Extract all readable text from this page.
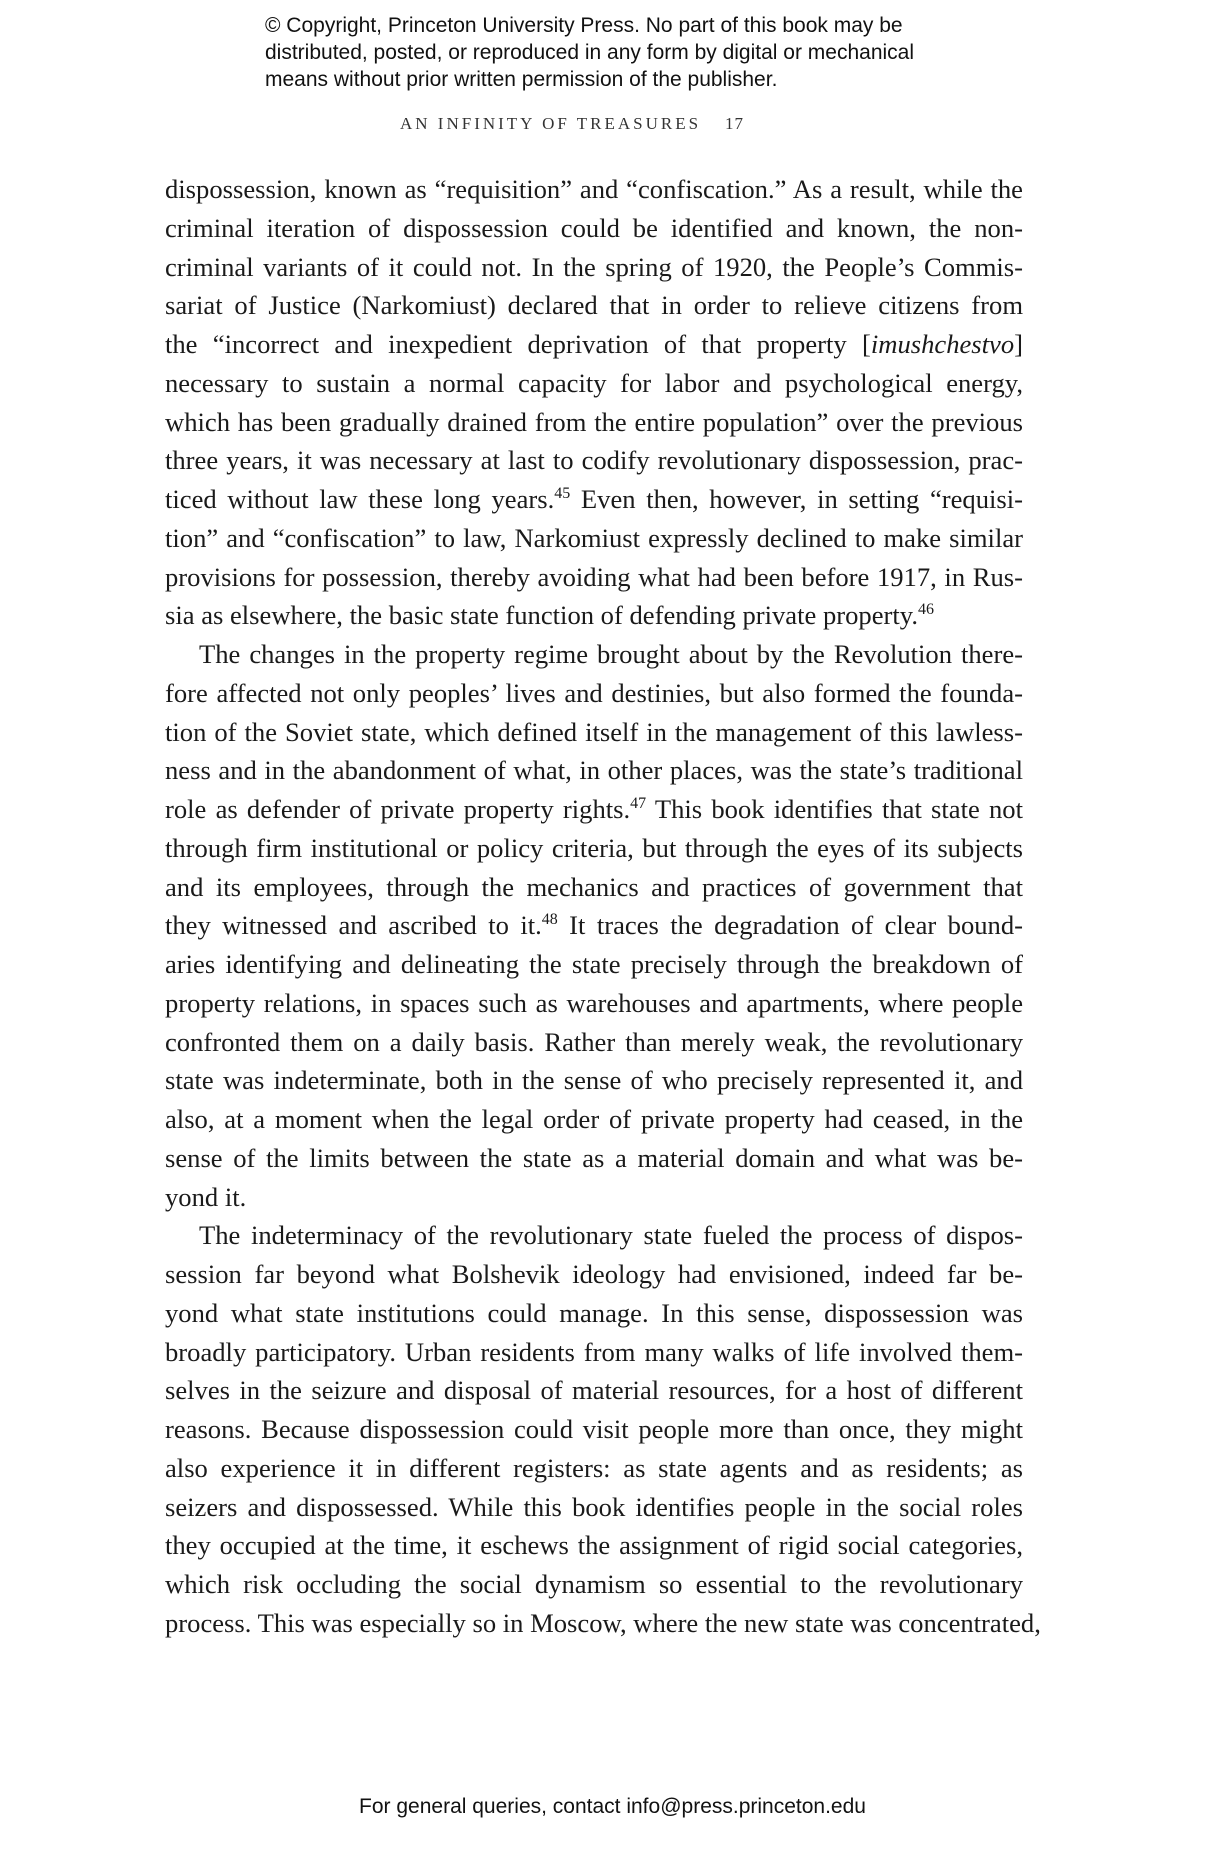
© Copyright, Princeton University Press. No part of this book may be
distributed, posted, or reproduced in any form by digital or mechanical
means without prior written permission of the publisher.
AN INFINITY OF TREASURES 17
dispossession, known as “requisition” and “confiscation.” As a result, while the
criminal iteration of dispossession could be identified and known, the non-
criminal variants of it could not. In the spring of 1920, the People’s Commis-
sariat of Justice (Narkomiust) declared that in order to relieve citizens from
the “incorrect and inexpedient deprivation of that property [imushchestvo]
necessary to sustain a normal capacity for labor and psychological energy,
which has been gradually drained from the entire population” over the previous
three years, it was necessary at last to codify revolutionary dispossession, prac-
ticed without law these long years.$^{45}$ Even then, however, in setting “requisi-
tion” and “confiscation” to law, Narkomiust expressly declined to make similar
provisions for possession, thereby avoiding what had been before 1917, in Rus-
sia as elsewhere, the basic state function of defending private property.$^{46}$
The changes in the property regime brought about by the Revolution there-
fore affected not only peoples’ lives and destinies, but also formed the founda-
tion of the Soviet state, which defined itself in the management of this lawless-
ness and in the abandonment of what, in other places, was the state’s traditional
role as defender of private property rights.$^{47}$ This book identifies that state not
through firm institutional or policy criteria, but through the eyes of its subjects
and its employees, through the mechanics and practices of government that
they witnessed and ascribed to it.$^{48}$ It traces the degradation of clear bound-
aries identifying and delineating the state precisely through the breakdown of
property relations, in spaces such as warehouses and apartments, where people
confronted them on a daily basis. Rather than merely weak, the revolutionary
state was indeterminate, both in the sense of who precisely represented it, and
also, at a moment when the legal order of private property had ceased, in the
sense of the limits between the state as a material domain and what was be-
yond it.
The indeterminacy of the revolutionary state fueled the process of dispos-
session far beyond what Bolshevik ideology had envisioned, indeed far be-
yond what state institutions could manage. In this sense, dispossession was
broadly participatory. Urban residents from many walks of life involved them-
selves in the seizure and disposal of material resources, for a host of different
reasons. Because dispossession could visit people more than once, they might
also experience it in different registers: as state agents and as residents; as
seizers and dispossessed. While this book identifies people in the social roles
they occupied at the time, it eschews the assignment of rigid social categories,
which risk occluding the social dynamism so essential to the revolutionary
process. This was especially so in Moscow, where the new state was concentrated,
For general queries, contact info@press.princeton.edu
